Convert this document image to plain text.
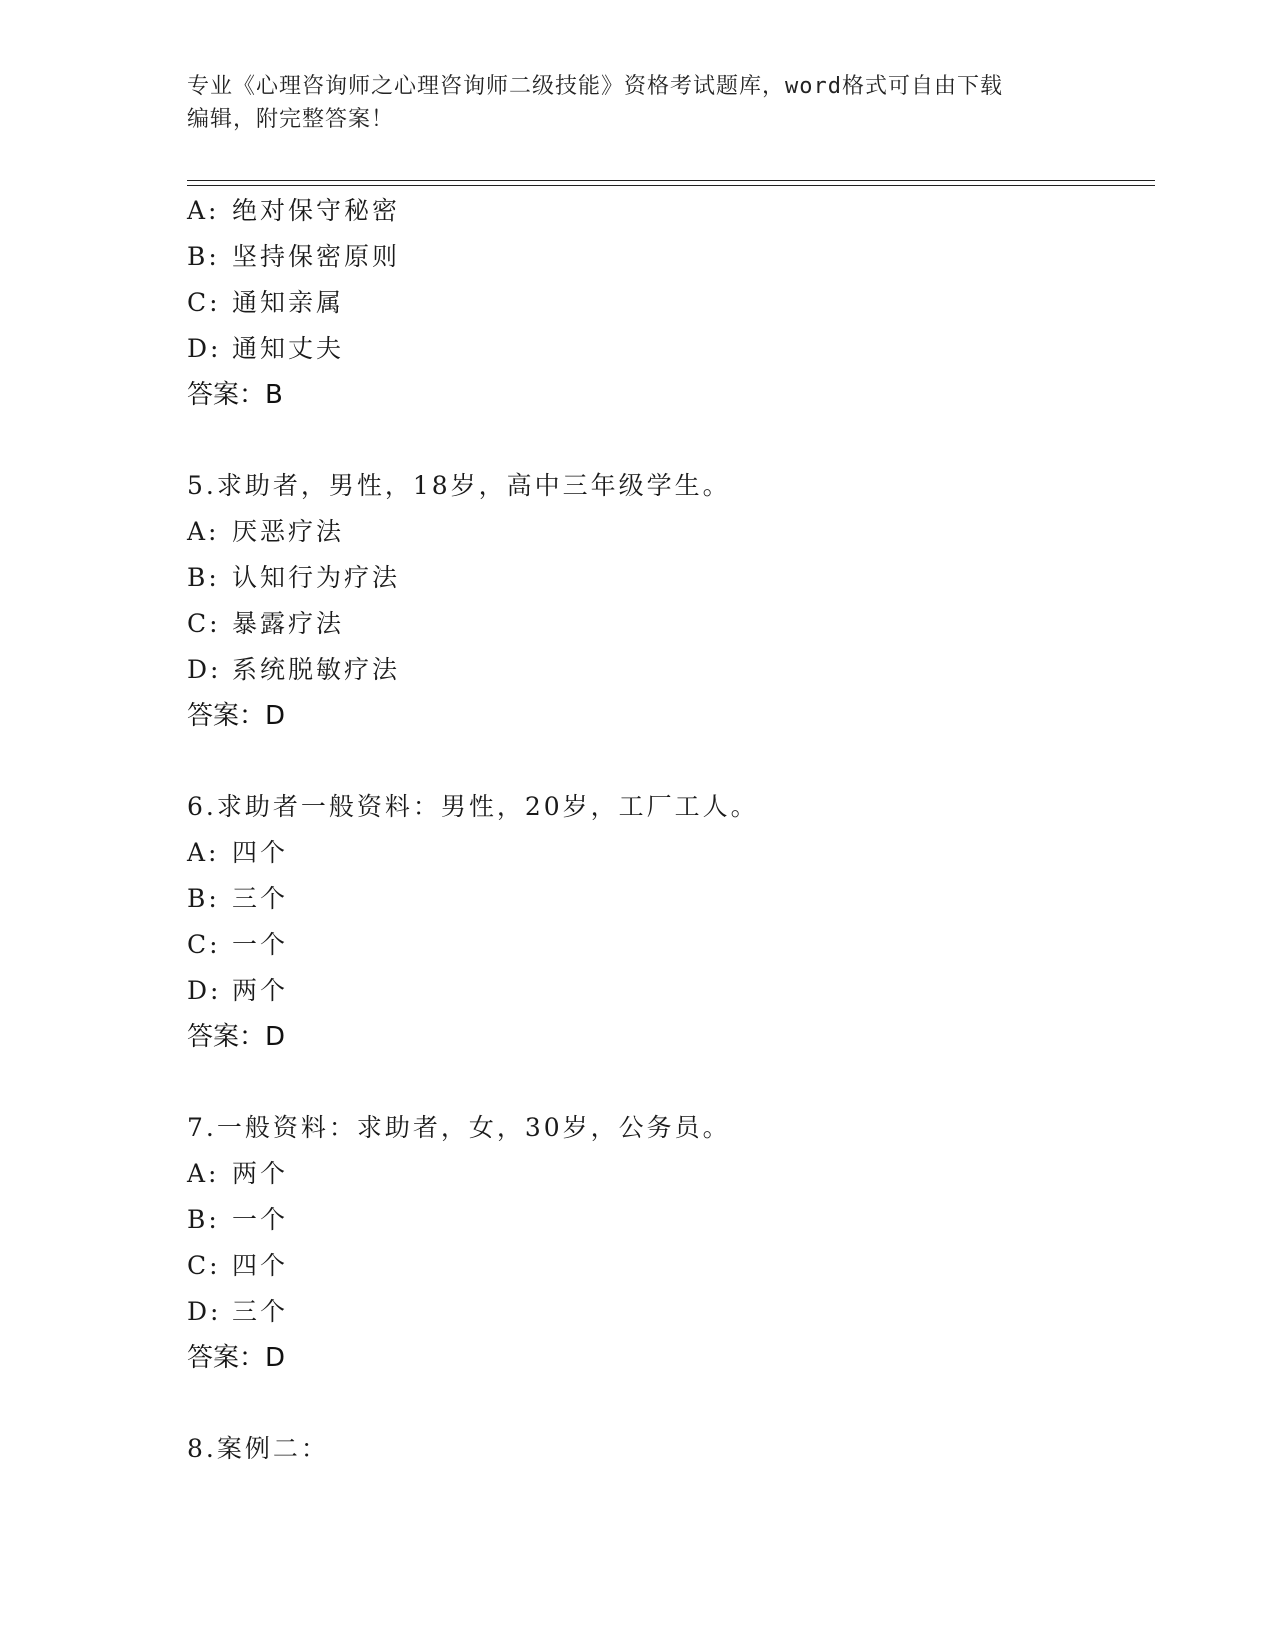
专业《心理咨询师之心理咨询师二级技能》资格考试题库，word格式可自由下载
编辑，附完整答案！
A: 绝对保守秘密
B: 坚持保密原则
C: 通知亲属
D: 通知丈夫
答案：B
5.求助者，男性，18岁，高中三年级学生。
A: 厌恶疗法
B: 认知行为疗法
C: 暴露疗法
D: 系统脱敏疗法
答案：D
6.求助者一般资料：男性，20岁，工厂工人。
A: 四个
B: 三个
C: 一个
D: 两个
答案：D
7.一般资料：求助者，女，30岁，公务员。
A: 两个
B: 一个
C: 四个
D: 三个
答案：D
8.案例二：
